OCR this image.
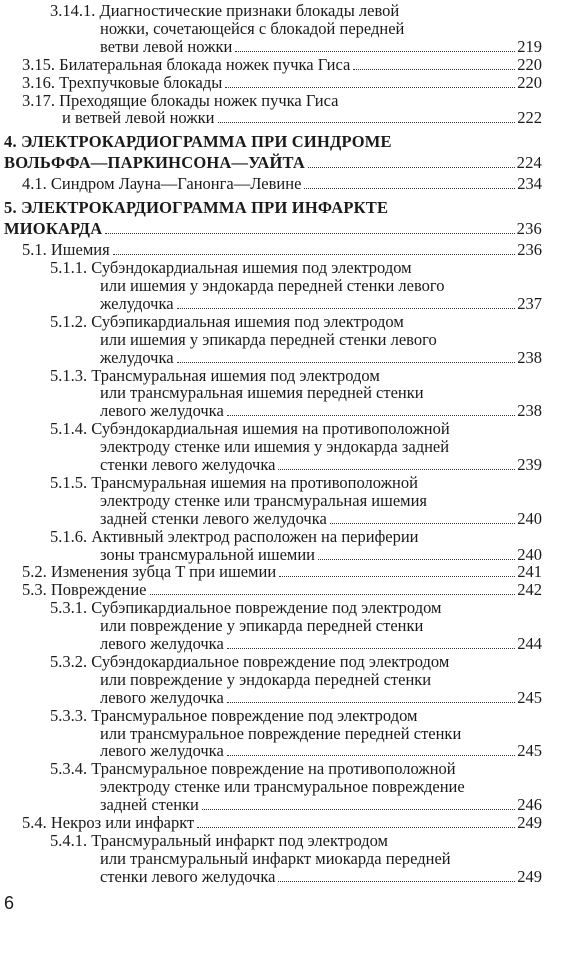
3.14.1. Диагностические признаки блокады левой
ножки, сочетающейся с блокадой передней
ветви левой ножки	219
3.15. Билатеральная блокада ножек пучка Гиса	220
3.16. Трехпучковые блокады	220
3.17. Преходящие блокады ножек пучка Гиса
и ветвей левой ножки	222
4. ЭЛЕКТРОКАРДИОГРАММА ПРИ СИНДРОМЕ
ВОЛЬФФА—ПАРКИНСОНА—УАЙТА	224
4.1. Синдром Лауна—Ганонга—Левине	234
5. ЭЛЕКТРОКАРДИОГРАММА ПРИ ИНФАРКТЕ
МИОКАРДА	236
5.1. Ишемия	236
5.1.1. Субэндокардиальная ишемия под электродом
или ишемия у эндокарда передней стенки левого
желудочка	237
5.1.2. Субэпикардиальная ишемия под электродом
или ишемия у эпикарда передней стенки левого
желудочка	238
5.1.3. Трансмуральная ишемия под электродом
или трансмуральная ишемия передней стенки
левого желудочка	238
5.1.4. Субэндокардиальная ишемия на противоположной
электроду стенке или ишемия у эндокарда задней
стенки левого желудочка	239
5.1.5. Трансмуральная ишемия на противоположной
электроду стенке или трансмуральная ишемия
задней стенки левого желудочка	240
5.1.6. Активный электрод расположен на периферии
зоны трансмуральной ишемии	240
5.2. Изменения зубца T при ишемии	241
5.3. Повреждение	242
5.3.1. Субэпикардиальное повреждение под электродом
или повреждение у эпикарда передней стенки
левого желудочка	244
5.3.2. Субэндокардиальное повреждение под электродом
или повреждение у эндокарда передней стенки
левого желудочка	245
5.3.3. Трансмуральное повреждение под электродом
или трансмуральное повреждение передней стенки
левого желудочка	245
5.3.4. Трансмуральное повреждение на противоположной
электроду стенке или трансмуральное повреждение
задней стенки	246
5.4. Некроз или инфаркт	249
5.4.1. Трансмуральный инфаркт под электродом
или трансмуральный инфаркт миокарда передней
стенки левого желудочка	249
6
